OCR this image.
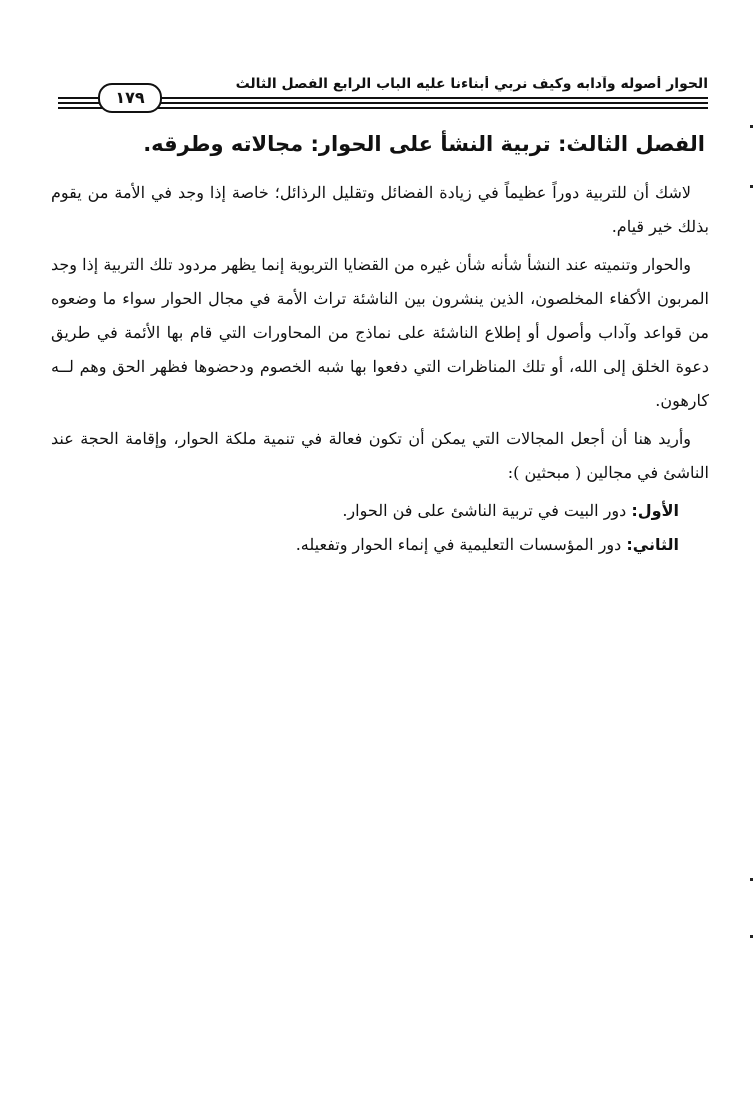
الحوار أصوله وآدابه وكيف نربي أبناءنا عليه الباب الرابع الفصل الثالث
١٧٩
الفصل الثالث: تربية النشأ على الحوار: مجالاته وطرقه.

لاشك أن للتربية دوراً عظيماً في زيادة الفضائل وتقليل الرذائل؛ خاصة إذا وجد في الأمة من يقوم بذلك خير قيام.

والحوار وتنميته عند النشأ شأنه شأن غيره من القضايا التربوية إنما يظهر مردود تلك التربية إذا وجد المربون الأكفاء المخلصون، الذين ينشرون بين الناشئة تراث الأمة في مجال الحوار سواء ما وضعوه من قواعد وآداب وأصول أو إطلاع الناشئة على نماذج من المحاورات التي قام بها الأئمة في طريق دعوة الخلق إلى الله، أو تلك المناظرات التي دفعوا بها شبه الخصوم ودحضوها فظهر الحق وهم لــه كارهون.

وأريد هنا أن أجعل المجالات التي يمكن أن تكون فعالة في تنمية ملكة الحوار، وإقامة الحجة عند الناشئ في مجالين ( مبحثين ):

الأول: دور البيت في تربية الناشئ على فن الحوار.

الثاني: دور المؤسسات التعليمية في إنماء الحوار وتفعيله.
